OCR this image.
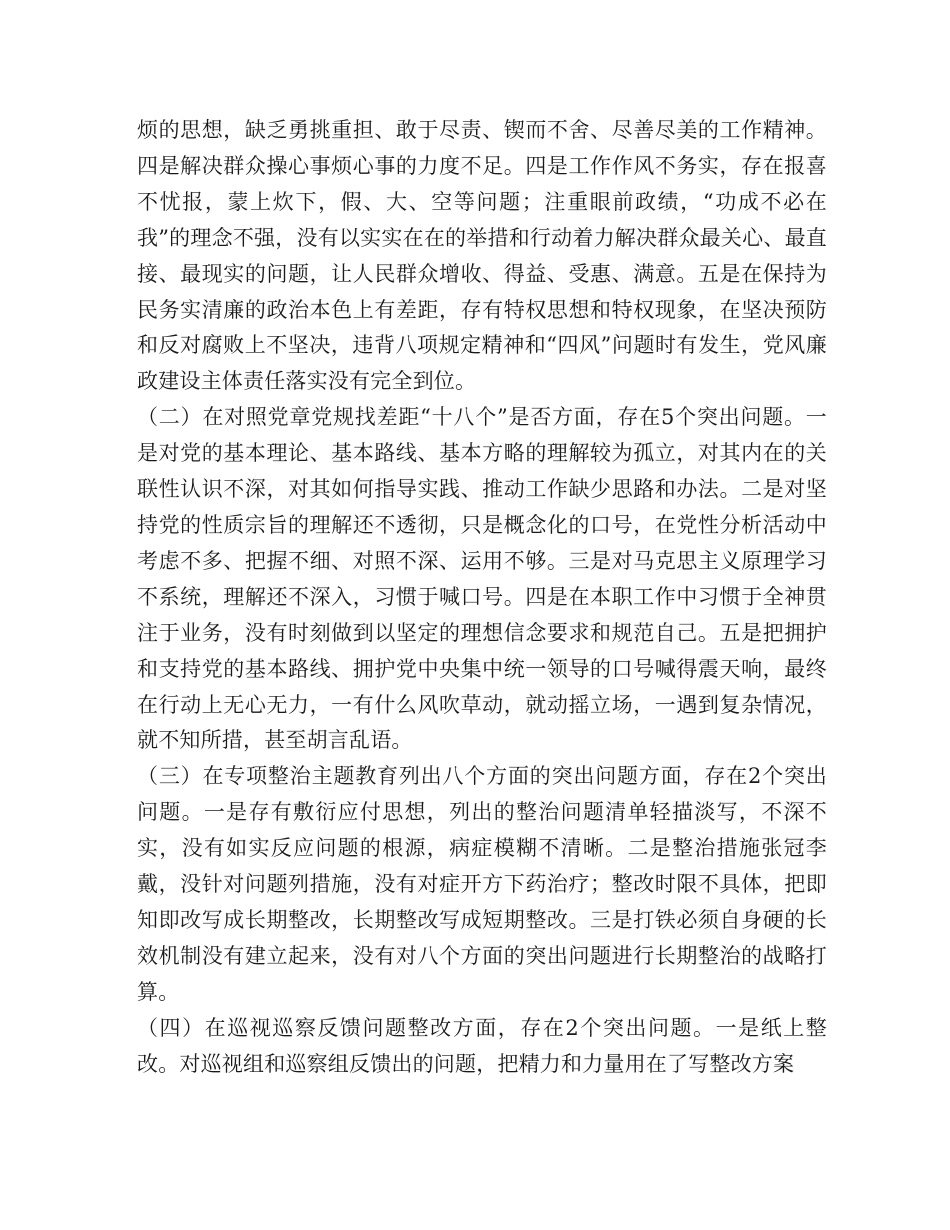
烦的思想，缺乏勇挑重担、敢于尽责、锲而不舍、尽善尽美的工作精神。四是解决群众操心事烦心事的力度不足。四是工作作风不务实，存在报喜不忧报，蒙上炊下，假、大、空等问题；注重眼前政绩，“功成不必在我”的理念不强，没有以实实在在的举措和行动着力解决群众最关心、最直接、最现实的问题，让人民群众增收、得益、受惠、满意。五是在保持为民务实清廉的政治本色上有差距，存有特权思想和特权现象，在坚决预防和反对腐败上不坚决，违背八项规定精神和“四风”问题时有发生，党风廉政建设主体责任落实没有完全到位。

（二）在对照党章党规找差距“十八个”是否方面，存在5个突出问题。一是对党的基本理论、基本路线、基本方略的理解较为孤立，对其内在的关联性认识不深，对其如何指导实践、推动工作缺少思路和办法。二是对坚持党的性质宗旨的理解还不透彻，只是概念化的口号，在党性分析活动中考虑不多、把握不细、对照不深、运用不够。三是对马克思主义原理学习不系统，理解还不深入，习惯于喊口号。四是在本职工作中习惯于全神贯注于业务，没有时刻做到以坚定的理想信念要求和规范自己。五是把拥护和支持党的基本路线、拥护党中央集中统一领导的口号喊得震天响，最终在行动上无心无力，一有什么风吹草动，就动摇立场，一遇到复杂情况，就不知所措，甚至胡言乱语。

（三）在专项整治主题教育列出八个方面的突出问题方面，存在2个突出问题。一是存有敷衍应付思想，列出的整治问题清单轻描淡写，不深不实，没有如实反应问题的根源，病症模糊不清晰。二是整治措施张冠李戴，没针对问题列措施，没有对症开方下药治疗；整改时限不具体，把即知即改写成长期整改，长期整改写成短期整改。三是打铁必须自身硬的长效机制没有建立起来，没有对八个方面的突出问题进行长期整治的战略打算。

（四）在巡视巡察反馈问题整改方面，存在2个突出问题。一是纸上整改。对巡视组和巡察组反馈出的问题，把精力和力量用在了写整改方案
